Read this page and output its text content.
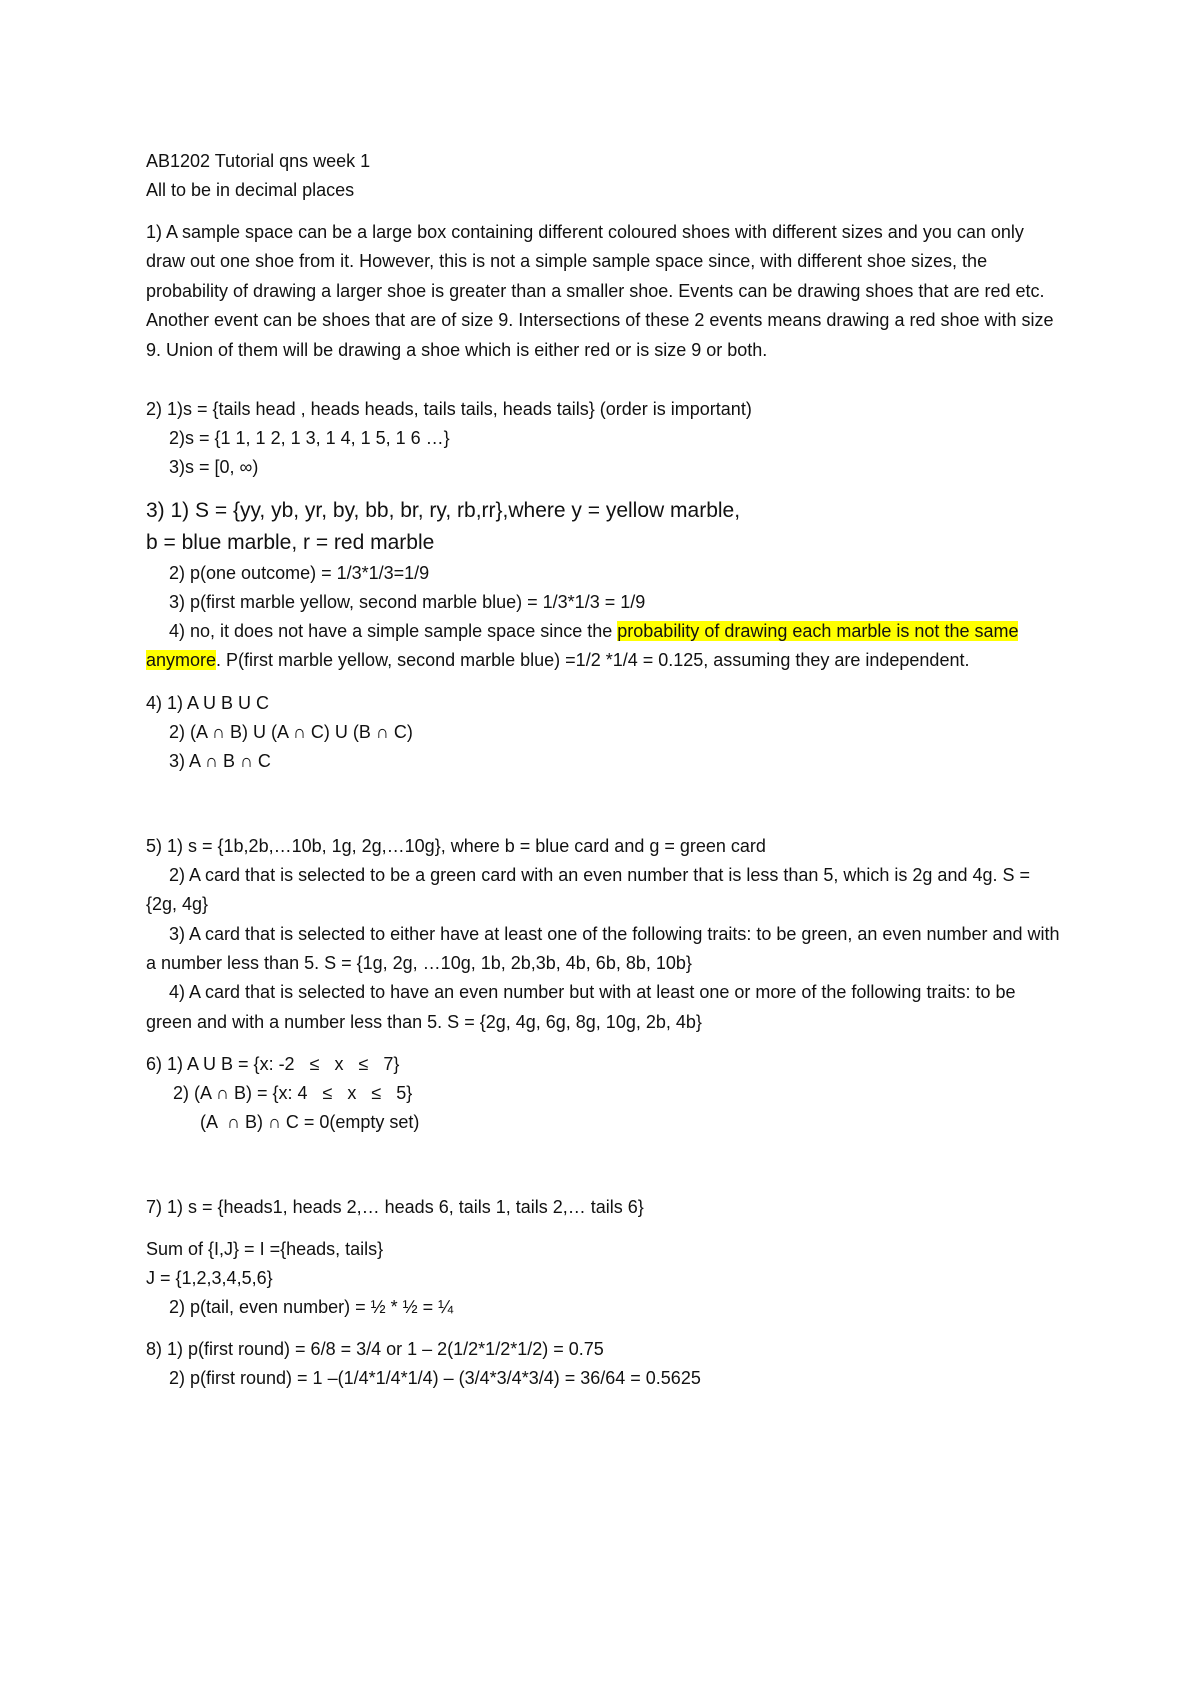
AB1202 Tutorial qns week 1
All to be in decimal places
1) A sample space can be a large box containing different coloured shoes with different sizes and you can only draw out one shoe from it. However, this is not a simple sample space since, with different shoe sizes, the probability of drawing a larger shoe is greater than a smaller shoe. Events can be drawing shoes that are red etc. Another event can be shoes that are of size 9. Intersections of these 2 events means drawing a red shoe with size 9. Union of them will be drawing a shoe which is either red or is size 9 or both.
2) 1)s = {tails head , heads heads, tails tails, heads tails} (order is important)
2)s = {1 1, 1 2, 1 3, 1 4, 1 5, 1 6 …}
3)s = [0, ∞)
3) 1) S = {yy, yb, yr, by, bb, br, ry, rb,rr},where y = yellow marble,
b = blue marble, r = red marble
2) p(one outcome) = 1/3*1/3=1/9
3) p(first marble yellow, second marble blue) = 1/3*1/3 = 1/9
4) no, it does not have a simple sample space since the probability of drawing each marble is not the same anymore. P(first marble yellow, second marble blue) =1/2 *1/4 = 0.125, assuming they are independent.
4) 1) A U B U C
2) (A ∩ B) U (A ∩ C) U (B ∩ C)
3) A ∩ B ∩ C
5) 1) s = {1b,2b,…10b, 1g, 2g,…10g}, where b = blue card and g = green card
2) A card that is selected to be a green card with an even number that is less than 5, which is 2g and 4g. S = {2g, 4g}
3) A card that is selected to either have at least one of the following traits: to be green, an even number and with a number less than 5. S = {1g, 2g, …10g, 1b, 2b,3b, 4b, 6b, 8b, 10b}
4) A card that is selected to have an even number but with at least one or more of the following traits: to be green and with a number less than 5. S = {2g, 4g, 6g, 8g, 10g, 2b, 4b}
6) 1) A U B = {x: -2   ≤   x   ≤   7}
2) (A ∩ B) = {x: 4   ≤   x   ≤   5}
(A  ∩ B) ∩ C = 0(empty set)
7) 1) s = {heads1, heads 2,… heads 6, tails 1, tails 2,… tails 6}
Sum of {I,J} = I ={heads, tails}
J = {1,2,3,4,5,6}
2) p(tail, even number) = ½ * ½ = ¼
8) 1) p(first round) = 6/8 = 3/4 or 1 – 2(1/2*1/2*1/2) = 0.75
2) p(first round) = 1 –(1/4*1/4*1/4) – (3/4*3/4*3/4) = 36/64 = 0.5625
